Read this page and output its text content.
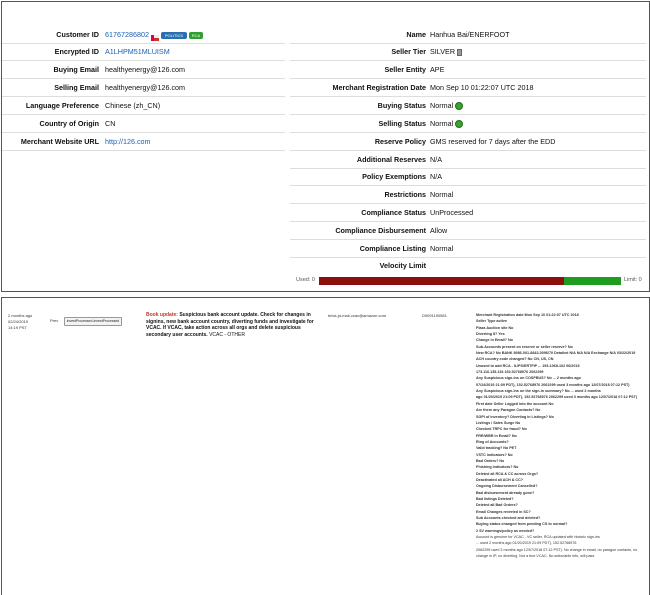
Customer ID 61767286802	POLITICS RCA
Encrypted ID A1LHPM51MLUISM
Buying Email healthyenergy@126.com
Selling Email healthyenergy@126.com
Language Preference Chinese (zh_CN)
Country of Origin CN
Merchant Website URL http://126.com
Name Hanhua Bai/ENERFOOT
Seller Tier SILVER
Seller Entity APE
Merchant Registration Date Mon Sep 10 01:22:07 UTC 2018
Buying Status Normal
Selling Status Normal
Reserve Policy GMS reserved for 7 days after the EDD
Additional Reserves N/A
Policy Exemptions N/A
Restrictions Normal
Compliance Status UnProcessed
Compliance Disbursement Allow
Compliance Listing Normal
Velocity Limit
Used: 0	Limit: 0
2 months ago
02/24/2019
14:19 PST
Prev	investProcessed-investProcessed
Book update: Suspicious bank account update. Check for changes in signins, new bank account country, diverting funds and investigate for VCAC. If VCAC, take action across all orgs and delete suspicious secondary user accounts. VCAC - OTHER
brick-jd-mail-vcac@amazon.com	D9091190581	Merchant Registration date Mon Sep 10 01:22:07 UTC 2018
Seller Type active
Plaza Auction site No
Diverting $? Yes
Change in Email? No
Sub-Accounts present on reserve or seller reserve? No
New RCA? No BANK 8986-001-8843-0096/70 Detailed N/A N/A N/A Exchange N/A 03/22/2019
ACH country code changed? No CN, US, CN
Unused to add RCA - IL/PS/ERTFIP ... 193-1068-102 06/2019
173.116.135.134 152.52768976 2062299
Any Suspicious sign-ins on COSPBUS? No ... 2 months ago
07/24/2019 21:09 PDT), 152.52768976 2062299 used 3 months ago 12/07/2018 07:12 PST)
Any Suspicious sign-ins on the sign-in summary? No ... used 2 months
ago 01/20/2019 21:09 PDT), 152.52768976 2062299 used 3 months ago 12/07/2018 07:12 PST)
First date Seller Logged into the account No
Are there any Paragon Contacts? No
SGPI of inventory? Diverting in Listings? No
Listings / Sales Surge No
Checked TRPC for fraud? No
FRR/WBR in Email? No
Ring of Accounts?
Valid tracking? No PET
VSTC indicators? No
Bad Orders? No
Phishing indicators? No
Deleted all RCA & CC across Orgs?
Deactivated all ACH & CC?
Ongoing Disbursement Cancelled?
Bad disbursement already gone?
Bad listings Deleted?
Deleted all Bad Orders?
Email Changes reverted in SC?
Sub Accounts checked and deleted?
Buying status changed from pending CS to normal?
2 SV warnings/policy as needed?
Account is genuine for VCAC - VC seller, RCA updated with historic sign-ins
... used 2 months ago 01/20/2019 21:09 PDT), 152.52768976
2062299 used 3 months ago 12/07/2018 07:12 PST). No change in email, no paragon contacts, no
change in IP, no diverting. Not a true VCAC. No actionable info, will pass
